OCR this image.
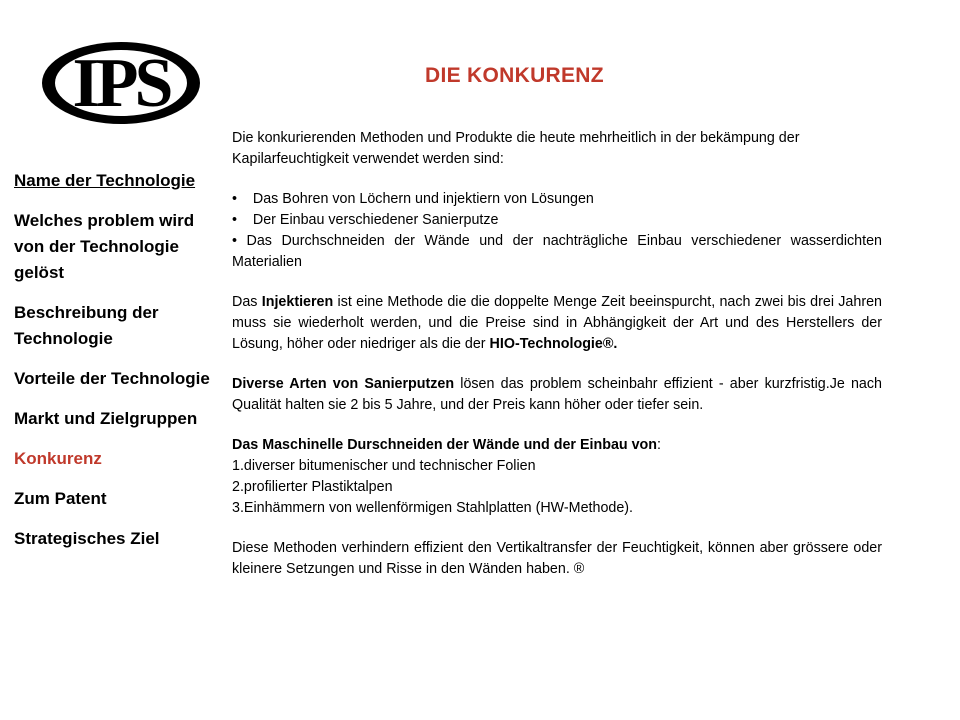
IPS
Name der Technologie
Welches problem wird von der Technologie gelöst
Beschreibung der Technologie
Vorteile der Technologie
Markt und Zielgruppen
Konkurenz
Zum Patent
Strategisches Ziel
DIE KONKURENZ

Die konkurierenden Methoden und Produkte die heute mehrheitlich in der bekämpung der

Kapilarfeuchtigkeit verwendet werden sind:

•    Das Bohren von Löchern und injektiern von Lösungen

•    Der Einbau verschiedener Sanierputze

• Das Durchschneiden der Wände und der nachträgliche Einbau verschiedener wasserdichten Materialien

Das Injektieren ist eine Methode die die doppelte Menge Zeit beeinspurcht, nach zwei bis drei Jahren muss sie wiederholt werden, und die Preise sind in Abhängigkeit der Art und des Herstellers der Lösung, höher oder niedriger als die der HIO-Technologie®.

Diverse Arten von Sanierputzen lösen das problem scheinbahr effizient - aber kurzfristig.Je nach Qualität halten sie 2 bis 5 Jahre, und der Preis kann höher oder tiefer sein.

Das Maschinelle Durschneiden der Wände und der Einbau von:

1.diverser bitumenischer und technischer Folien

2.profilierter Plastiktalpen

3.Einhämmern von wellenförmigen Stahlplatten (HW-Methode).

Diese Methoden verhindern effizient den Vertikaltransfer der Feuchtigkeit, können aber grössere oder kleinere Setzungen und Risse in den Wänden haben. ®
